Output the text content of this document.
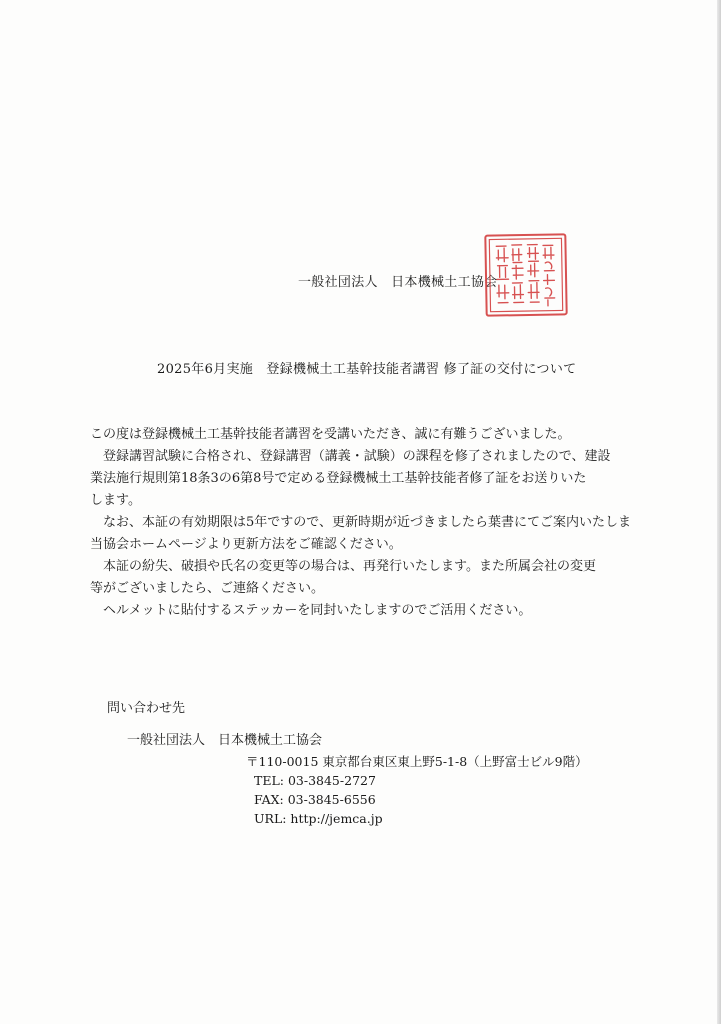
一般社団法人　日本機械土工協会
2025年6月実施　登録機械土工基幹技能者講習 修了証の交付について
この度は登録機械土工基幹技能者講習を受講いただき、誠に有難うございました。
　登録講習試験に合格され、登録講習（講義・試験）の課程を修了されましたので、建設
業法施行規則第18条3の6第8号で定める登録機械土工基幹技能者修了証をお送りいた
します。
　なお、本証の有効期限は5年ですので、更新時期が近づきましたら葉書にてご案内いたしま
当協会ホームページより更新方法をご確認ください。
　本証の紛失、破損や氏名の変更等の場合は、再発行いたします。また所属会社の変更
等がございましたら、ご連絡ください。
　ヘルメットに貼付するステッカーを同封いたしますのでご活用ください。
問い合わせ先
一般社団法人　日本機械土工協会
〒110-0015 東京都台東区東上野5-1-8（上野富士ビル9階）
TEL: 03-3845-2727
FAX: 03-3845-6556
URL: http://jemca.jp
